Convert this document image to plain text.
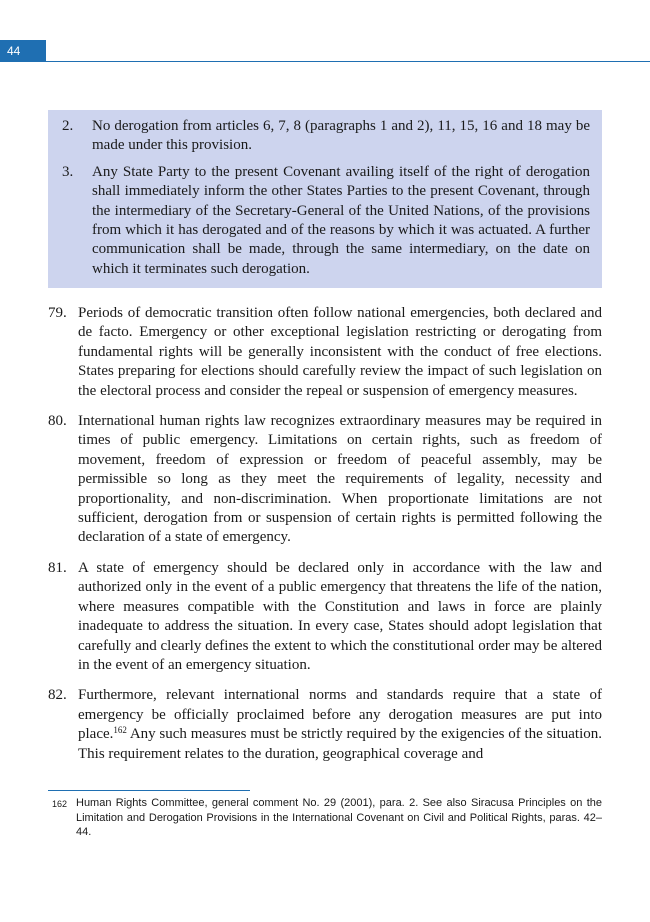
44
2.	No derogation from articles 6, 7, 8 (paragraphs 1 and 2), 11, 15, 16 and 18 may be made under this provision.
3.	Any State Party to the present Covenant availing itself of the right of derogation shall immediately inform the other States Parties to the present Covenant, through the intermediary of the Secretary-General of the United Nations, of the provisions from which it has derogated and of the reasons by which it was actuated. A further communication shall be made, through the same intermediary, on the date on which it terminates such derogation.
79. Periods of democratic transition often follow national emergencies, both declared and de facto. Emergency or other exceptional legislation restricting or derogating from fundamental rights will be generally inconsistent with the conduct of free elections. States preparing for elections should carefully review the impact of such legislation on the electoral process and consider the repeal or suspension of emergency measures.
80. International human rights law recognizes extraordinary measures may be required in times of public emergency. Limitations on certain rights, such as freedom of movement, freedom of expression or freedom of peaceful assembly, may be permissible so long as they meet the requirements of legality, necessity and proportionality, and non-discrimination. When proportionate limitations are not sufficient, derogation from or suspension of certain rights is permitted following the declaration of a state of emergency.
81. A state of emergency should be declared only in accordance with the law and authorized only in the event of a public emergency that threatens the life of the nation, where measures compatible with the Constitution and laws in force are plainly inadequate to address the situation. In every case, States should adopt legislation that carefully and clearly defines the extent to which the constitutional order may be altered in the event of an emergency situation.
82. Furthermore, relevant international norms and standards require that a state of emergency be officially proclaimed before any derogation measures are put into place.$^{162}$ Any such measures must be strictly required by the exigencies of the situation. This requirement relates to the duration, geographical coverage and
162 Human Rights Committee, general comment No. 29 (2001), para. 2. See also Siracusa Principles on the Limitation and Derogation Provisions in the International Covenant on Civil and Political Rights, paras. 42–44.
